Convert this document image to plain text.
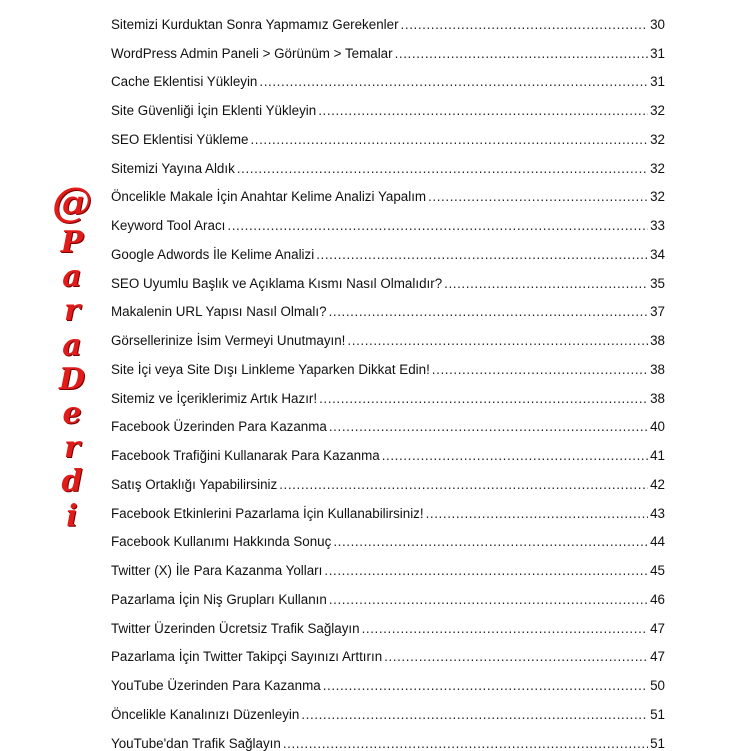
@
P
a
r
a
D
e
r
d
i
Sitemizi Kurduktan Sonra Yapmamız Gerekenler .....	30
WordPress Admin Paneli > Görünüm > Temalar .....	31
Cache Eklentisi Yükleyin .....	31
Site Güvenliği İçin Eklenti Yükleyin .....	32
SEO Eklentisi Yükleme .....	32
Sitemizi Yayına Aldık .....	32
Öncelikle Makale İçin Anahtar Kelime Analizi Yapalım .....	32
Keyword Tool Aracı .....	33
Google Adwords İle Kelime Analizi .....	34
SEO Uyumlu Başlık ve Açıklama Kısmı Nasıl Olmalıdır? .....	35
Makalenin URL Yapısı Nasıl Olmalı? .....	37
Görsellerinize İsim Vermeyi Unutmayın! .....	38
Site İçi veya Site Dışı Linkleme Yaparken Dikkat Edin! .....	38
Sitemiz ve İçeriklerimiz Artık Hazır! .....	38
Facebook Üzerinden Para Kazanma .....	40
Facebook Trafiğini Kullanarak Para Kazanma .....	41
Satış Ortaklığı Yapabilirsiniz .....	42
Facebook Etkinlerini Pazarlama İçin Kullanabilirsiniz! .....	43
Facebook Kullanımı Hakkında Sonuç .....	44
Twitter (X) İle Para Kazanma Yolları .....	45
Pazarlama İçin Niş Grupları Kullanın .....	46
Twitter Üzerinden Ücretsiz Trafik Sağlayın .....	47
Pazarlama İçin Twitter Takipçi Sayınızı Arttırın .....	47
YouTube Üzerinden Para Kazanma .....	50
Öncelikle Kanalınızı Düzenleyin .....	51
YouTube'dan Trafik Sağlayın .....	51
